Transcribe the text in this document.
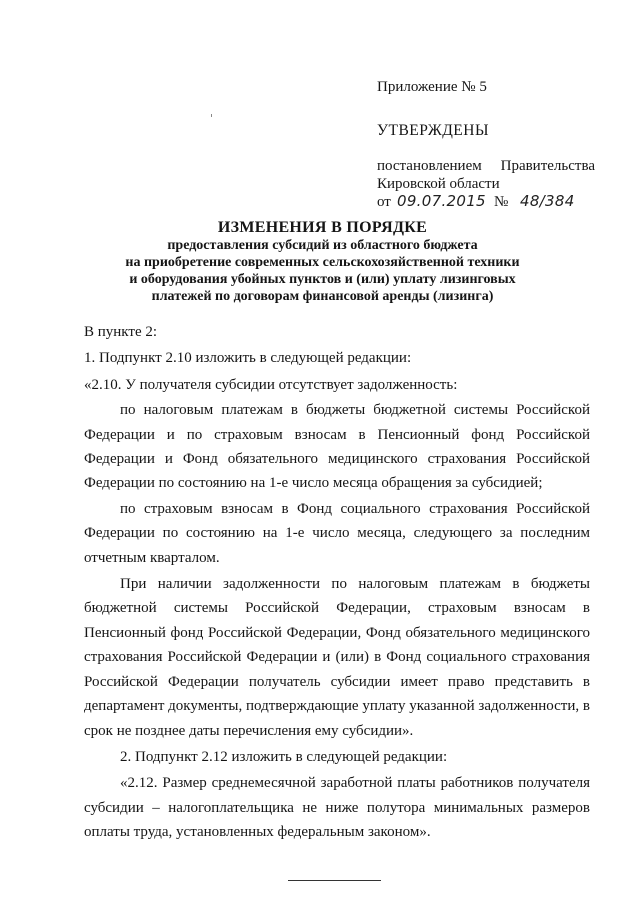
Приложение № 5
УТВЕРЖДЕНЫ
постановлением Правительства
Кировской области
от 09.07.2015 № 48/384
ИЗМЕНЕНИЯ В ПОРЯДКЕ
предоставления субсидий из областного бюджета
на приобретение современных сельскохозяйственной техники
и оборудования убойных пунктов и (или) уплату лизинговых
платежей по договорам финансовой аренды (лизинга)

В пункте 2:

1. Подпункт 2.10 изложить в следующей редакции:

«2.10. У получателя субсидии отсутствует задолженность:

по налоговым платежам в бюджеты бюджетной системы Российской Федерации и по страховым взносам в Пенсионный фонд Российской Федерации и Фонд обязательного медицинского страхования Российской Федерации по состоянию на 1-е число месяца обращения за субсидией;

по страховым взносам в Фонд социального страхования Российской Федерации по состоянию на 1-е число месяца, следующего за последним отчетным кварталом.

При наличии задолженности по налоговым платежам в бюджеты бюджетной системы Российской Федерации, страховым взносам в Пенсионный фонд Российской Федерации, Фонд обязательного медицинского страхования Российской Федерации и (или) в Фонд социального страхования Российской Федерации получатель субсидии имеет право представить в департамент документы, подтверждающие уплату указанной задолженности, в срок не позднее даты перечисления ему субсидии».

2. Подпункт 2.12 изложить в следующей редакции:

«2.12. Размер среднемесячной заработной платы работников получателя субсидии – налогоплательщика не ниже полутора минимальных размеров оплаты труда, установленных федеральным законом».
